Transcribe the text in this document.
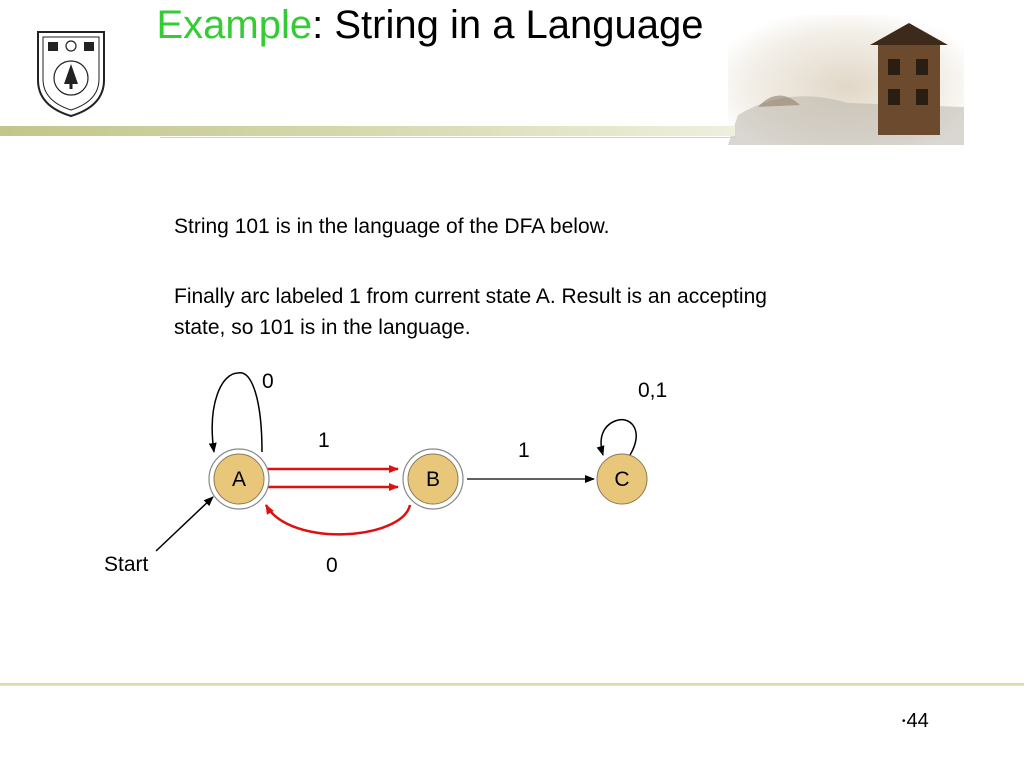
Example: String in a Language
String 101 is in the language of the DFA below.
Finally arc labeled 1 from current state A. Result is an accepting state, so 101 is in the language.
Start
0
1
0
1
0,1
A	B	C
•44
